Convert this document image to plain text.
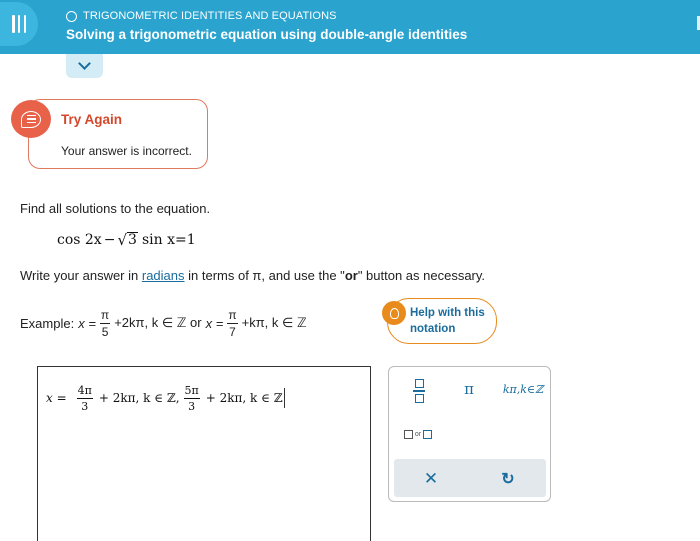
TRIGONOMETRIC IDENTITIES AND EQUATIONS
Solving a trigonometric equation using double-angle identities
Try Again
Your answer is incorrect.
Find all solutions to the equation.
cos 2x − √ 3 sin x = 1
Write your answer in radians in terms of π, and use the "or" button as necessary.
Example: $x = \frac{\pi}{5} +2k\pi$, k ∈ ℤ or $x = \frac{\pi}{7} +k\pi$, k ∈ ℤ
Help with this notation
$x = \frac{4\pi}{3} + 2k\pi$, k ∈ ℤ, $\frac{5\pi}{3} + 2k\pi$, k ∈ ℤ	π	kπ,k∈ℤ
or
✕	↻
